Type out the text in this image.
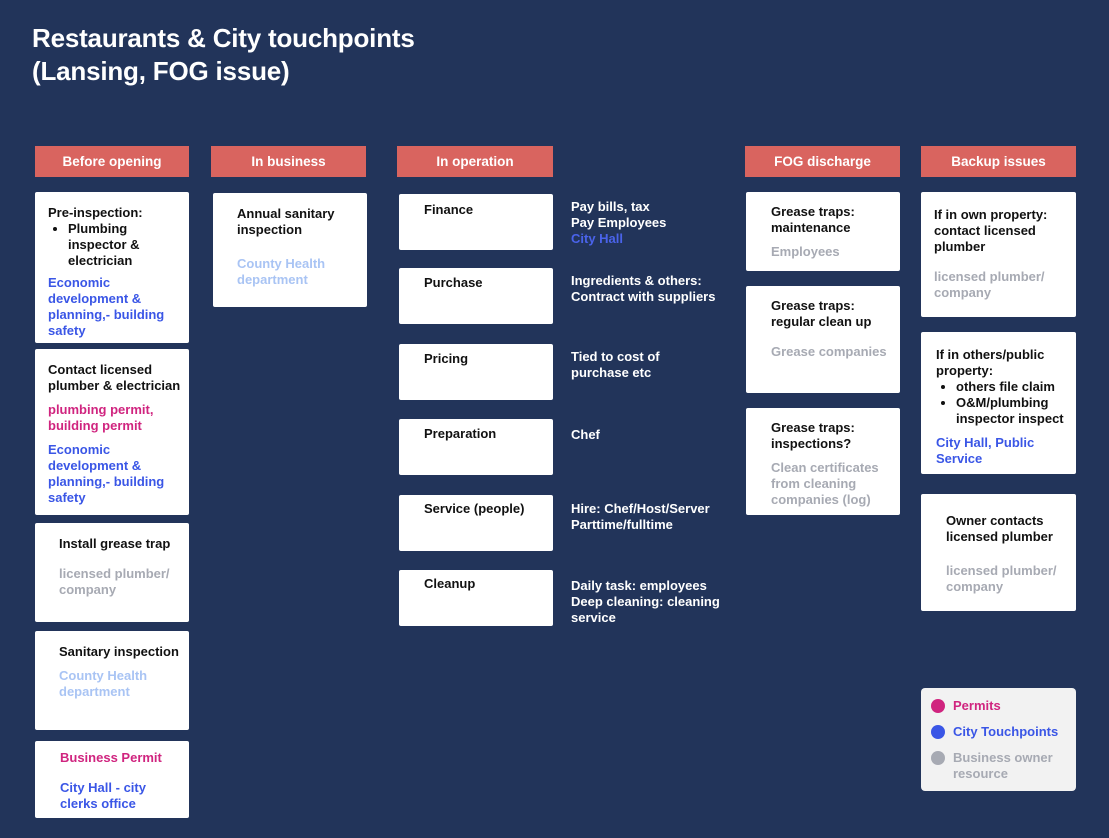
Restaurants & City touchpoints
(Lansing, FOG issue)
Before opening	In business	In operation	FOG discharge	Backup issues
Pre-inspection:
• Plumbing inspector & electrician
Economic development & planning,- building safety
Contact licensed plumber & electrician
plumbing permit, building permit
Economic development & planning,- building safety
Install grease trap
licensed plumber/ company
Sanitary inspection
County Health department
Business Permit
City Hall - city clerks office
Annual sanitary inspection
County Health department
Finance	Pay bills, tax
Pay Employees
City Hall
Purchase	Ingredients & others: Contract with suppliers
Pricing	Tied to cost of purchase etc
Preparation	Chef
Service (people)	Hire: Chef/Host/Server
Parttime/fulltime
Cleanup	Daily task: employees
Deep cleaning: cleaning service
Grease traps: maintenance
Employees
Grease traps: regular clean up
Grease companies
Grease traps: inspections?
Clean certificates from cleaning companies (log)
If in own property: contact licensed plumber
licensed plumber/ company
If in others/public property:
• others file claim
• O&M/plumbing inspector inspect
City Hall, Public Service
Owner contacts licensed plumber
licensed plumber/ company
Permits
City Touchpoints
Business owner resource
